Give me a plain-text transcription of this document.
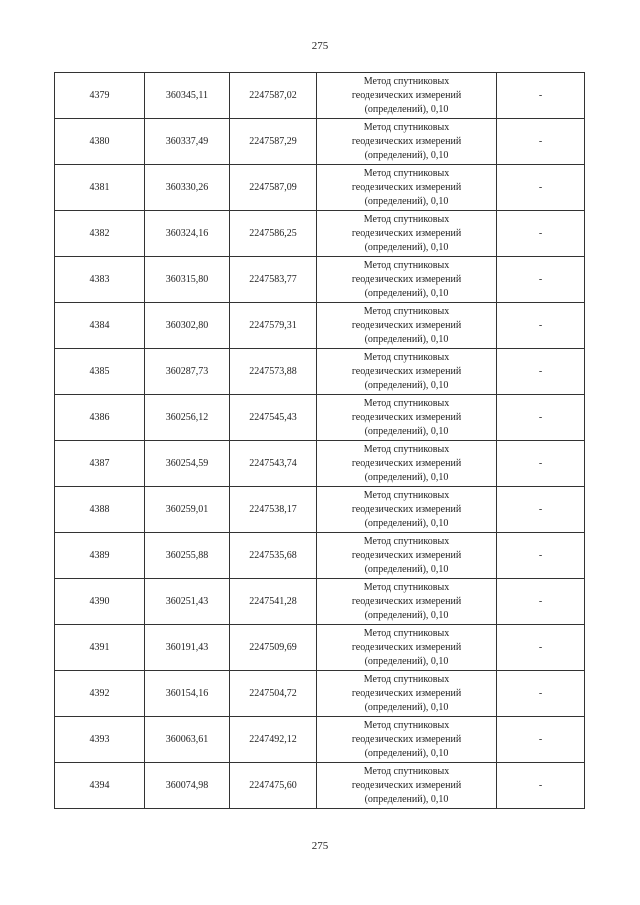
275
4379	360345,11	2247587,02	Метод спутниковых
геодезических измерений
(определений), 0,10	-
4380	360337,49	2247587,29	Метод спутниковых
геодезических измерений
(определений), 0,10	-
4381	360330,26	2247587,09	Метод спутниковых
геодезических измерений
(определений), 0,10	-
4382	360324,16	2247586,25	Метод спутниковых
геодезических измерений
(определений), 0,10	-
4383	360315,80	2247583,77	Метод спутниковых
геодезических измерений
(определений), 0,10	-
4384	360302,80	2247579,31	Метод спутниковых
геодезических измерений
(определений), 0,10	-
4385	360287,73	2247573,88	Метод спутниковых
геодезических измерений
(определений), 0,10	-
4386	360256,12	2247545,43	Метод спутниковых
геодезических измерений
(определений), 0,10	-
4387	360254,59	2247543,74	Метод спутниковых
геодезических измерений
(определений), 0,10	-
4388	360259,01	2247538,17	Метод спутниковых
геодезических измерений
(определений), 0,10	-
4389	360255,88	2247535,68	Метод спутниковых
геодезических измерений
(определений), 0,10	-
4390	360251,43	2247541,28	Метод спутниковых
геодезических измерений
(определений), 0,10	-
4391	360191,43	2247509,69	Метод спутниковых
геодезических измерений
(определений), 0,10	-
4392	360154,16	2247504,72	Метод спутниковых
геодезических измерений
(определений), 0,10	-
4393	360063,61	2247492,12	Метод спутниковых
геодезических измерений
(определений), 0,10	-
4394	360074,98	2247475,60	Метод спутниковых
геодезических измерений
(определений), 0,10	-
275
